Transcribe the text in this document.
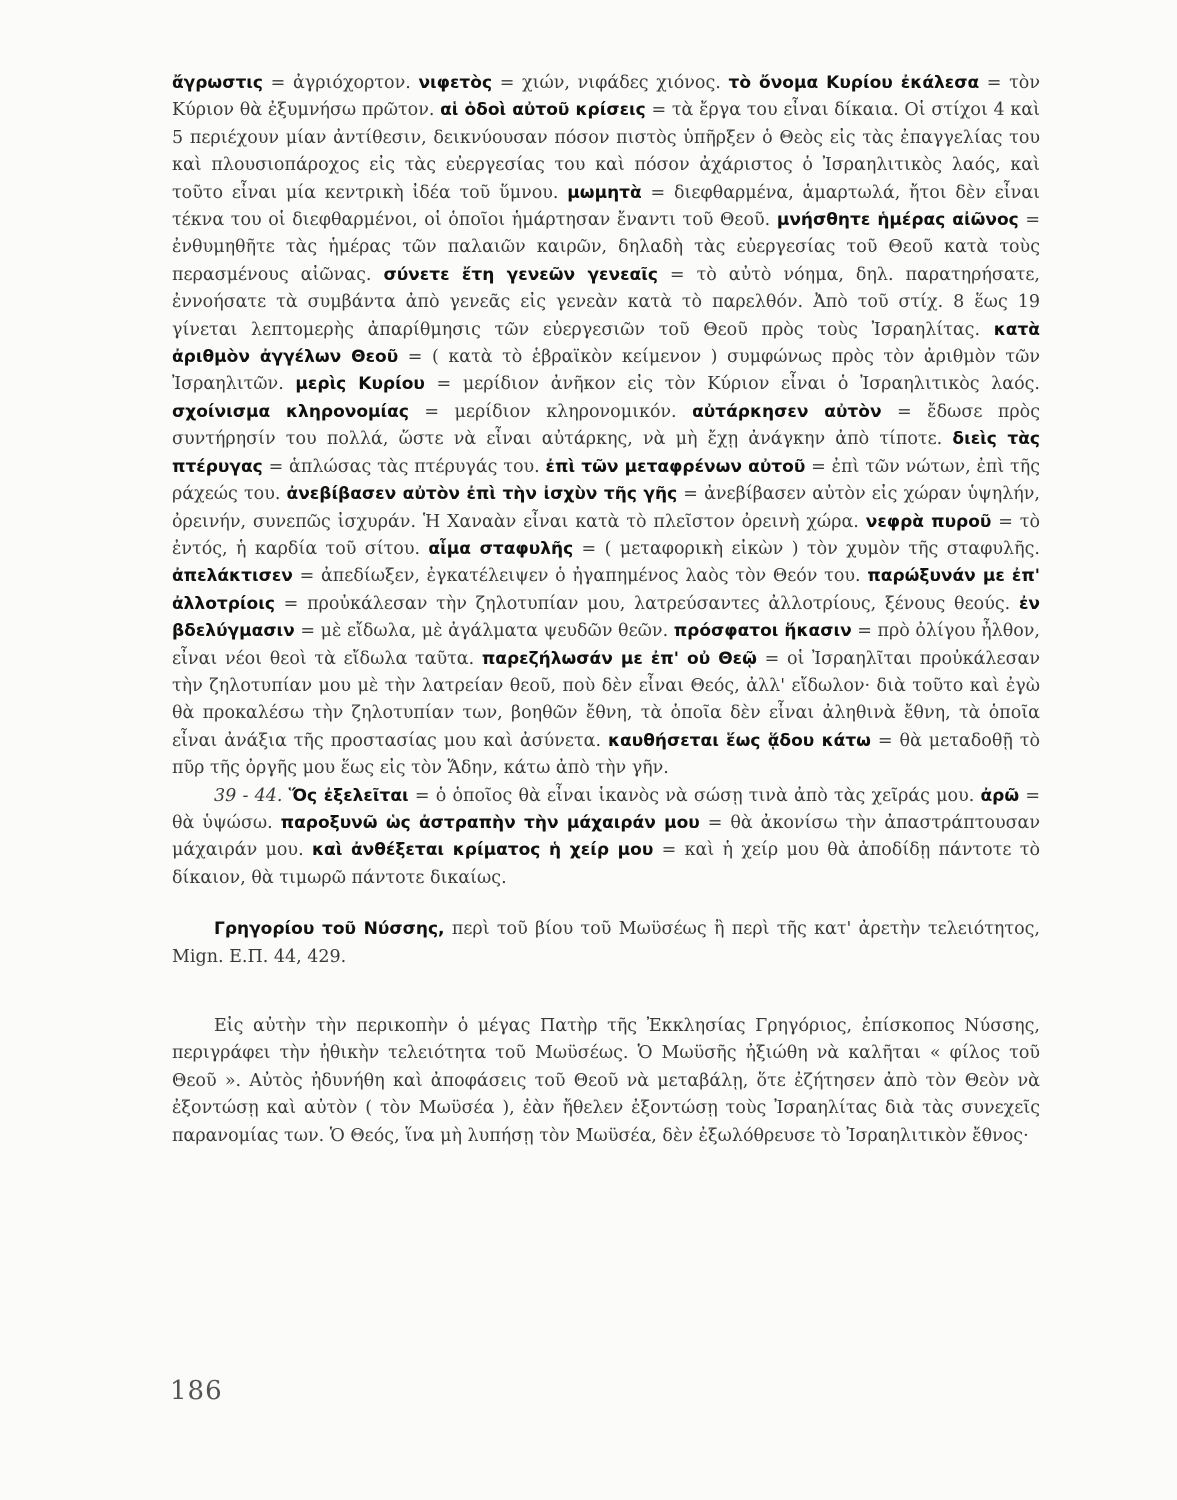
ἄγρωστις = ἀγριόχορτον. νιφετὸς = χιών, νιφάδες χιόνος. τὸ ὄνομα Κυρίου ἐκάλεσα = τὸν Κύριον θὰ ἐξυμνήσω πρῶτον. αἱ ὁδοὶ αὐτοῦ κρίσεις = τὰ ἔργα του εἶναι δίκαια. Οἱ στίχοι 4 καὶ 5 περιέχουν μίαν ἀντίθεσιν, δεικνύουσαν πόσον πιστὸς ὑπῆρξεν ὁ Θεὸς εἰς τὰς ἐπαγγελίας του καὶ πλουσιοπάροχος εἰς τὰς εὐεργεσίας του καὶ πόσον ἀχάριστος ὁ Ἰσραηλιτικὸς λαός, καὶ τοῦτο εἶναι μία κεντρικὴ ἰδέα τοῦ ὕμνου. μωμητὰ = διεφθαρμένα, ἁμαρτωλά, ἤτοι δὲν εἶναι τέκνα του οἱ διεφθαρμένοι, οἱ ὁποῖοι ἡμάρτησαν ἔναντι τοῦ Θεοῦ. μνήσθητε ἡμέρας αἰῶνος = ἐνθυμηθῆτε τὰς ἡμέρας τῶν παλαιῶν καιρῶν, δηλαδὴ τὰς εὐεργεσίας τοῦ Θεοῦ κατὰ τοὺς περασμένους αἰῶνας. σύνετε ἔτη γενεῶν γενεαῖς = τὸ αὐτὸ νόημα, δηλ. παρατηρήσατε, ἐννοήσατε τὰ συμβάντα ἀπὸ γενεᾶς εἰς γενεὰν κατὰ τὸ παρελθόν. Ἀπὸ τοῦ στίχ. 8 ἕως 19 γίνεται λεπτομερὴς ἀπαρίθμησις τῶν εὐεργεσιῶν τοῦ Θεοῦ πρὸς τοὺς Ἰσραηλίτας. κατὰ ἀριθμὸν ἀγγέλων Θεοῦ = ( κατὰ τὸ ἑβραϊκὸν κείμενον ) συμφώνως πρὸς τὸν ἀριθμὸν τῶν Ἰσραηλιτῶν. μερὶς Κυρίου = μερίδιον ἀνῆκον εἰς τὸν Κύριον εἶναι ὁ Ἰσραηλιτικὸς λαός. σχοίνισμα κληρονομίας = μερίδιον κληρονομικόν. αὐτάρκησεν αὐτὸν = ἔδωσε πρὸς συντήρησίν του πολλά, ὥστε νὰ εἶναι αὐτάρκης, νὰ μὴ ἔχῃ ἀνάγκην ἀπὸ τίποτε. διεὶς τὰς πτέρυγας = ἁπλώσας τὰς πτέρυγάς του. ἐπὶ τῶν μεταφρένων αὐτοῦ = ἐπὶ τῶν νώτων, ἐπὶ τῆς ράχεώς του. ἀνεβίβασεν αὐτὸν ἐπὶ τὴν ἰσχὺν τῆς γῆς = ἀνεβίβασεν αὐτὸν εἰς χώραν ὑψηλήν, ὀρεινήν, συνεπῶς ἰσχυράν. Ἡ Χαναὰν εἶναι κατὰ τὸ πλεῖστον ὀρεινὴ χώρα. νεφρὰ πυροῦ = τὸ ἐντός, ἡ καρδία τοῦ σίτου. αἷμα σταφυλῆς = ( μεταφορικὴ εἰκὼν ) τὸν χυμὸν τῆς σταφυλῆς. ἀπελάκτισεν = ἀπεδίωξεν, ἐγκατέλειψεν ὁ ἠγαπημένος λαὸς τὸν Θεόν του. παρώξυνάν με ἐπ' ἀλλοτρίοις = προὐκάλεσαν τὴν ζηλοτυπίαν μου, λατρεύσαντες ἀλλοτρίους, ξένους θεούς. ἐν βδελύγμασιν = μὲ εἴδωλα, μὲ ἀγάλματα ψευδῶν θεῶν. πρόσφατοι ἥκασιν = πρὸ ὀλίγου ἦλθον, εἶναι νέοι θεοὶ τὰ εἴδωλα ταῦτα. παρεζήλωσάν με ἐπ' οὐ Θεῷ = οἱ Ἰσραηλῖται προὐκάλεσαν τὴν ζηλοτυπίαν μου μὲ τὴν λατρείαν θεοῦ, ποὺ δὲν εἶναι Θεός, ἀλλ' εἴδωλον· διὰ τοῦτο καὶ ἐγὼ θὰ προκαλέσω τὴν ζηλοτυπίαν των, βοηθῶν ἔθνη, τὰ ὁποῖα δὲν εἶναι ἀληθινὰ ἔθνη, τὰ ὁποῖα εἶναι ἀνάξια τῆς προστασίας μου καὶ ἀσύνετα. καυθήσεται ἕως ᾅδου κάτω = θὰ μεταδοθῇ τὸ πῦρ τῆς ὀργῆς μου ἕως εἰς τὸν Ἅδην, κάτω ἀπὸ τὴν γῆν.

39 - 44. Ὅς ἐξελεῖται = ὁ ὁποῖος θὰ εἶναι ἱκανὸς νὰ σώσῃ τινὰ ἀπὸ τὰς χεῖράς μου. ἀρῶ = θὰ ὑψώσω. παροξυνῶ ὡς ἀστραπὴν τὴν μάχαιράν μου = θὰ ἀκονίσω τὴν ἀπαστράπτουσαν μάχαιράν μου. καὶ ἀνθέξεται κρίματος ἡ χείρ μου = καὶ ἡ χείρ μου θὰ ἀποδίδῃ πάντοτε τὸ δίκαιον, θὰ τιμωρῶ πάντοτε δικαίως.

Γρηγορίου τοῦ Νύσσης, περὶ τοῦ βίου τοῦ Μωϋσέως ἢ περὶ τῆς κατ' ἀρετὴν τελειότητος, Mign. Ε.Π. 44, 429.

Εἰς αὐτὴν τὴν περικοπὴν ὁ μέγας Πατὴρ τῆς Ἐκκλησίας Γρηγόριος, ἐπίσκοπος Νύσσης, περιγράφει τὴν ἠθικὴν τελειότητα τοῦ Μωϋσέως. Ὁ Μωϋσῆς ἠξιώθη νὰ καλῆται « φίλος τοῦ Θεοῦ ». Αὐτὸς ἠδυνήθη καὶ ἀποφάσεις τοῦ Θεοῦ νὰ μεταβάλῃ, ὅτε ἐζήτησεν ἀπὸ τὸν Θεὸν νὰ ἐξοντώσῃ καὶ αὐτὸν ( τὸν Μωϋσέα ), ἐὰν ἤθελεν ἐξοντώσῃ τοὺς Ἰσραηλίτας διὰ τὰς συνεχεῖς παρανομίας των. Ὁ Θεός, ἵνα μὴ λυπήσῃ τὸν Μωϋσέα, δὲν ἐξωλόθρευσε τὸ Ἰσραηλιτικὸν ἔθνος·

186
